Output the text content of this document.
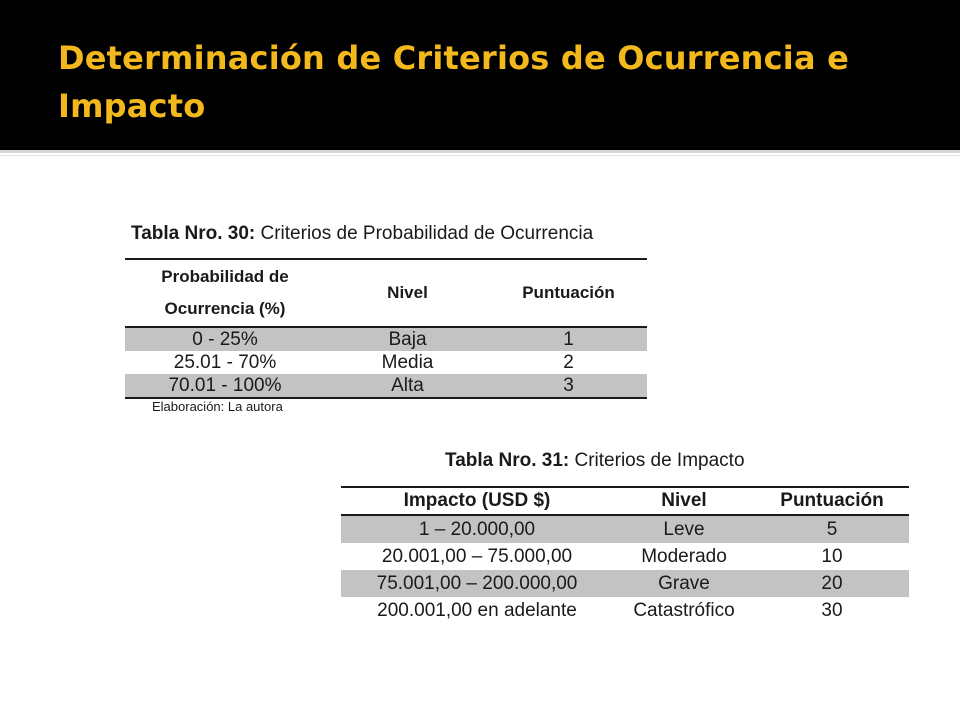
Determinación de Criterios de Ocurrencia e Impacto
Tabla Nro. 30: Criterios de Probabilidad de Ocurrencia
Probabilidad de Ocurrencia (%)	Nivel	Puntuación
0 - 25%	Baja	1
25.01 - 70%	Media	2
70.01 - 100%	Alta	3
Elaboración: La autora
Tabla Nro. 31: Criterios de Impacto
Impacto (USD $)	Nivel	Puntuación
1 – 20.000,00	Leve	5
20.001,00 – 75.000,00	Moderado	10
75.001,00 – 200.000,00	Grave	20
200.001,00 en adelante	Catastrófico	30
